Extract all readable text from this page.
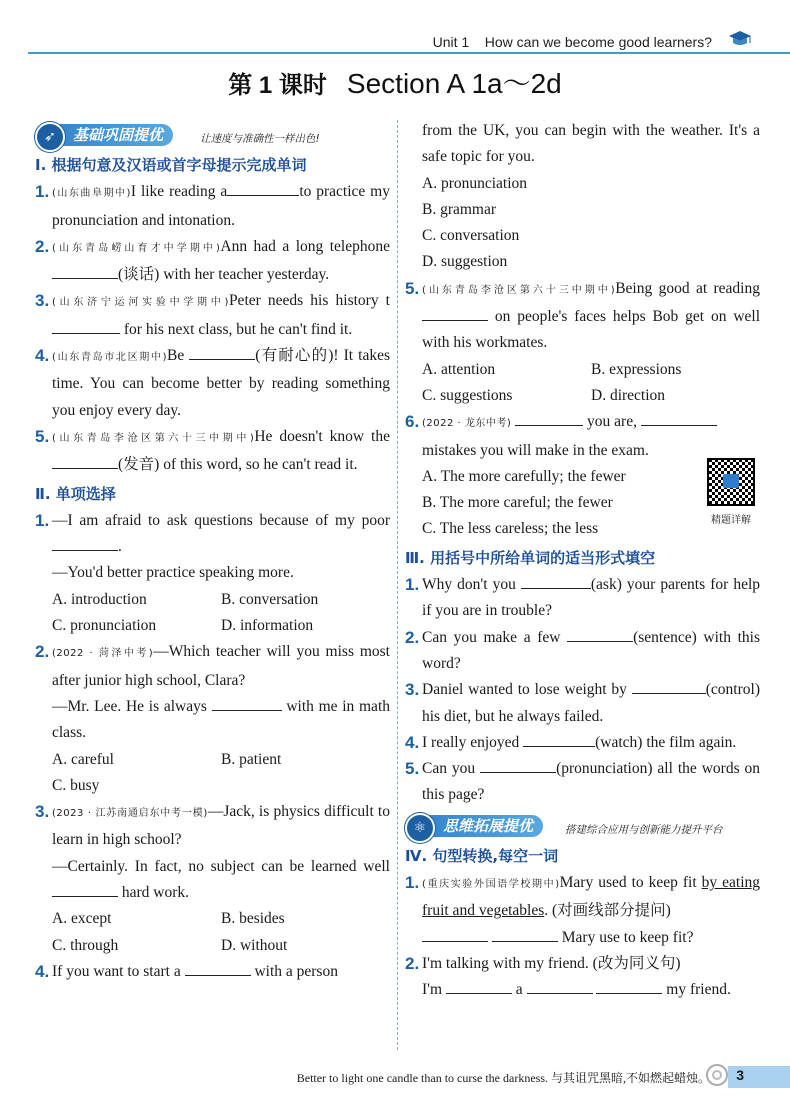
Unit 1    How can we become good learners?
第 1 课时 Section A 1a～2d
基础巩固提优
➶	让速度与准确性一样出色!
Ⅰ. 根据句意及汉语或首字母提示完成单词
1. (山东曲阜期中)I like reading a	to practice my pronunciation and intonation.
2. (山东青岛崂山育才中学期中)Ann had a long telephone (谈话) with her teacher yesterday.
3. (山东济宁运河实验中学期中)Peter needs his history t for his next class, but he can't find it.
4. (山东青岛市北区期中)Be	(有耐心的)! It takes time. You can become better by reading something you enjoy every day.
5. (山东青岛李沧区第六十三中期中)He doesn't know the (发音) of this word, so he can't read it.
Ⅱ. 单项选择
1. —I am afraid to ask questions because of my poor .
—You'd better practice speaking more.
A. introduction	B. conversation
C. pronunciation	D. information
2. (2022 · 菏泽中考)—Which teacher will you miss most after junior high school, Clara?
—Mr. Lee. He is always	with me in math class.
A. careful	B. patient
C. busy
3. (2023 · 江苏南通启东中考一模)—Jack, is physics difficult to learn in high school?
—Certainly. In fact, no subject can be learned well  hard work.
A. except	B. besides
C. through	D. without
4. If you want to start a	with a person
from the UK, you can begin with the weather. It's a safe topic for you.
A. pronunciation
B. grammar
C. conversation
D. suggestion
5. (山东青岛李沧区第六十三中期中)Being good at reading  on people's faces helps Bob get on well with his workmates.
A. attention	B. expressions
C. suggestions	D. direction
6. (2022 · 龙东中考)	you are,
mistakes you will make in the exam.
A. The more carefully; the fewer
B. The more careful; the fewer
C. The less careless; the less	精题详解
Ⅲ. 用括号中所给单词的适当形式填空
1. Why don't you	(ask) your parents for help if you are in trouble?
2. Can you make a few	(sentence) with this word?
3. Daniel wanted to lose weight by	(control) his diet, but he always failed.
4. I really enjoyed	(watch) the film again.
5. Can you	(pronunciation) all the words on this page?
思维拓展提优
⚛	搭建综合应用与创新能力提升平台
Ⅳ. 句型转换,每空一词
1. (重庆实验外国语学校期中)Mary used to keep fit by eating fruit and vegetables. (对画线部分提问)
Mary use to keep fit?
2. I'm talking with my friend. (改为同义句)
I'm	a	my friend.
Better to light one candle than to curse the darkness. 与其诅咒黑暗,不如燃起蜡烛。 3
